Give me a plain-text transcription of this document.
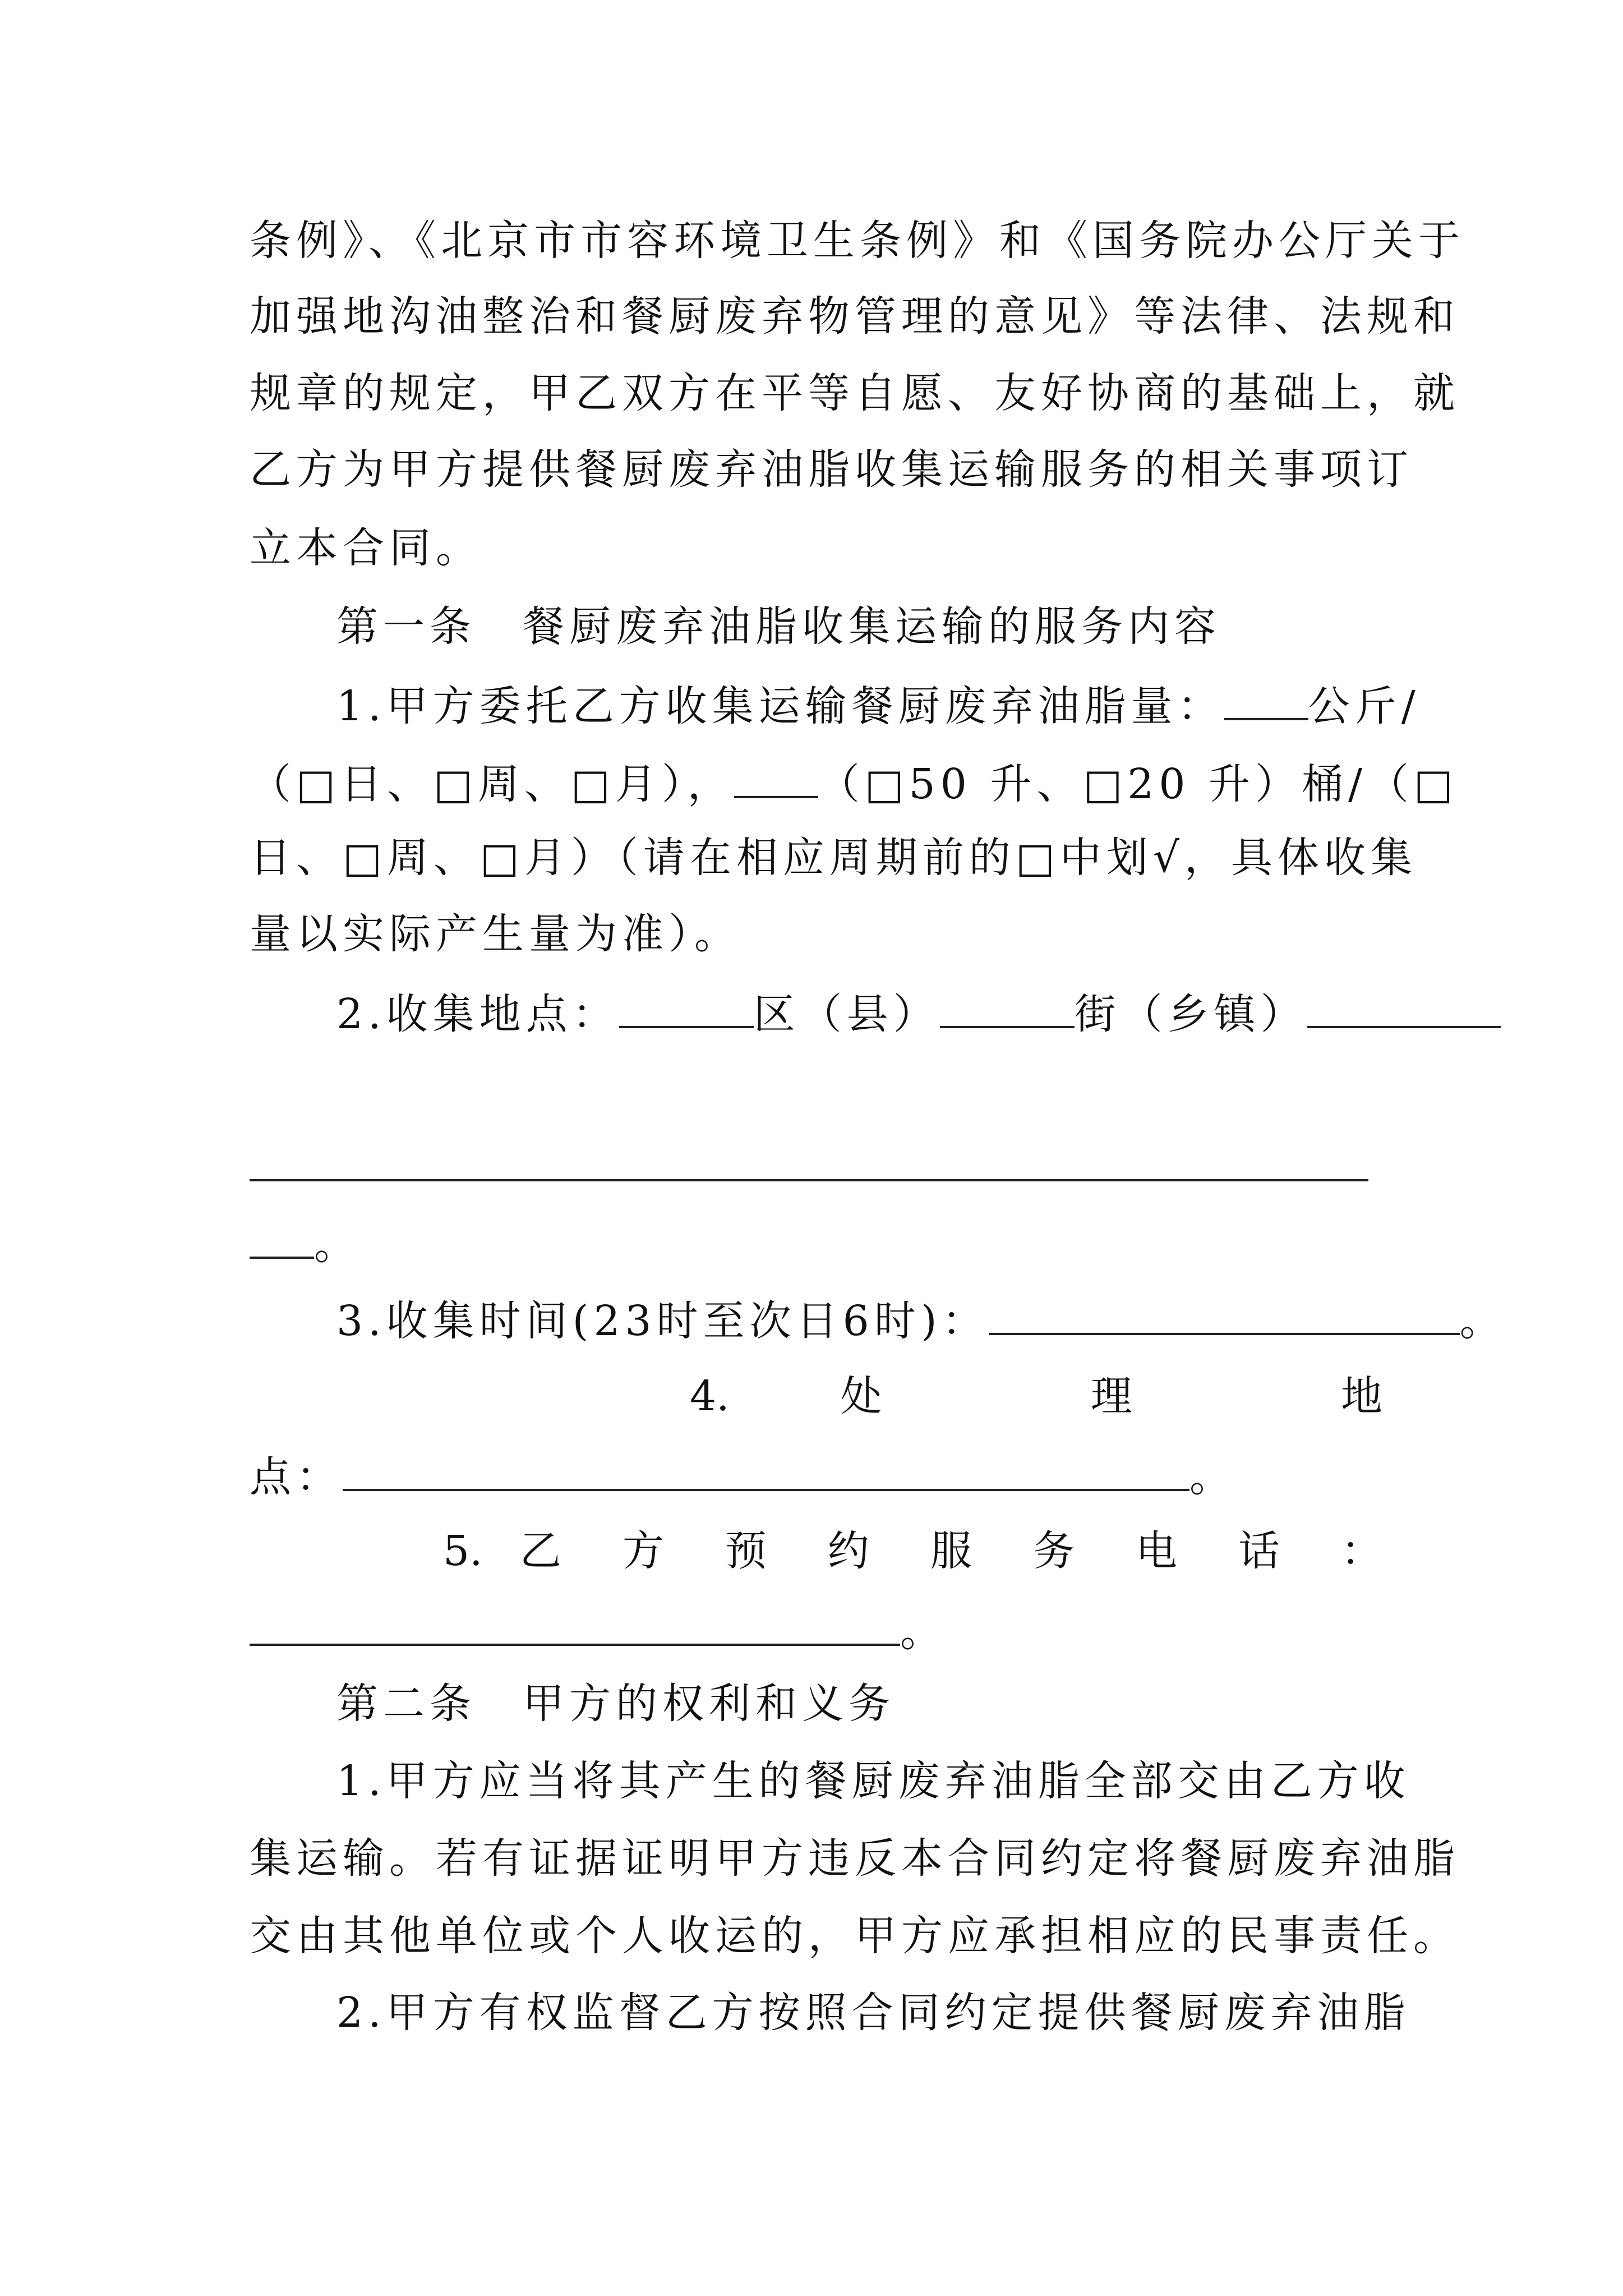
条例》、《北京市市容环境卫生条例》和《国务院办公厅关于
加强地沟油整治和餐厨废弃物管理的意见》等法律、法规和
规章的规定，甲乙双方在平等自愿、友好协商的基础上，就
乙方为甲方提供餐厨废弃油脂收集运输服务的相关事项订
立本合同。
第一条　餐厨废弃油脂收集运输的服务内容
1.甲方委托乙方收集运输餐厨废弃油脂量： 公斤/
（□日、□周、□月）， （□50 升、□20 升）桶/（□
日、□周、□月）（请在相应周期前的□中划√，具体收集
量以实际产生量为准）。
2.收集地点：	区（县）	街（乡镇）
。
3.收集时间(23时至次日6时)：	。
4.	处	理	地
点：	。
5. 乙 方 预 约 服 务 电 话 ：
。
第二条　甲方的权利和义务
1.甲方应当将其产生的餐厨废弃油脂全部交由乙方收
集运输。若有证据证明甲方违反本合同约定将餐厨废弃油脂
交由其他单位或个人收运的，甲方应承担相应的民事责任。
2.甲方有权监督乙方按照合同约定提供餐厨废弃油脂
